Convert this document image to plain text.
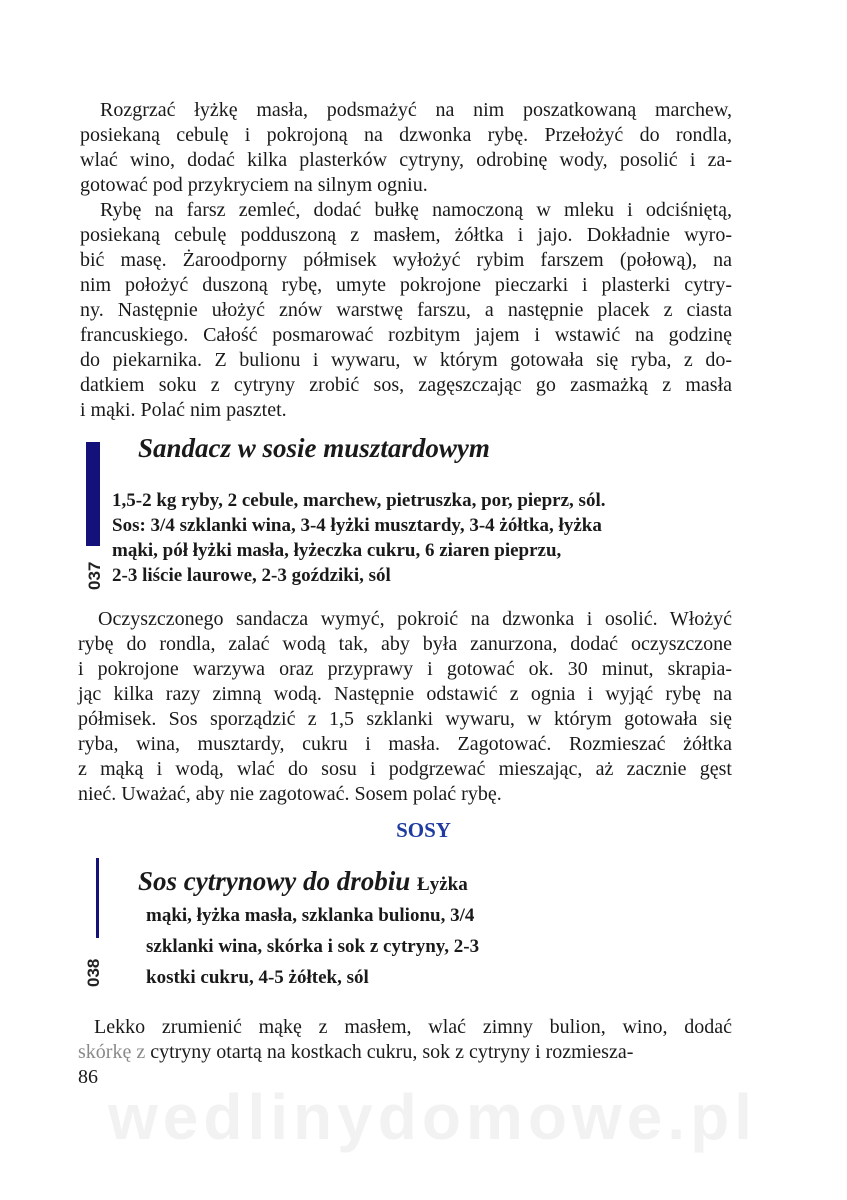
Rozgrzać łyżkę masła, podsmażyć na nim poszatkowaną marchew,
posiekaną cebulę i pokrojoną na dzwonka rybę. Przełożyć do rondla,
wlać wino, dodać kilka plasterków cytryny, odrobinę wody, posolić i za-
gotować pod przykryciem na silnym ogniu.
Rybę na farsz zemleć, dodać bułkę namoczoną w mleku i odciśniętą,
posiekaną cebulę podduszoną z masłem, żółtka i jajo. Dokładnie wyro-
bić masę. Żaroodporny półmisek wyłożyć rybim farszem (połową), na
nim położyć duszoną rybę, umyte pokrojone pieczarki i plasterki cytry-
ny. Następnie ułożyć znów warstwę farszu, a następnie placek z ciasta
francuskiego. Całość posmarować rozbitym jajem i wstawić na godzinę
do piekarnika. Z bulionu i wywaru, w którym gotowała się ryba, z do-
datkiem soku z cytryny zrobić sos, zagęszczając go zasmażką z masła
i mąki. Polać nim pasztet.
037
Sandacz w sosie musztardowym
1,5-2 kg ryby, 2 cebule, marchew, pietruszka, por, pieprz, sól.
Sos: 3/4 szklanki wina, 3-4 łyżki musztardy, 3-4 żółtka, łyżka
mąki, pół łyżki masła, łyżeczka cukru, 6 ziaren pieprzu,
2-3 liście laurowe, 2-3 goździki, sól
Oczyszczonego sandacza wymyć, pokroić na dzwonka i osolić. Włożyć
rybę do rondla, zalać wodą tak, aby była zanurzona, dodać oczyszczone
i pokrojone warzywa oraz przyprawy i gotować ok. 30 minut, skrapia-
jąc kilka razy zimną wodą. Następnie odstawić z ognia i wyjąć rybę na
półmisek. Sos sporządzić z 1,5 szklanki wywaru, w którym gotowała się
ryba, wina, musztardy, cukru i masła. Zagotować. Rozmieszać żółtka
z mąką i wodą, wlać do sosu i podgrzewać mieszając, aż zacznie gęst
nieć. Uważać, aby nie zagotować. Sosem polać rybę.
SOSY
038
Sos cytrynowy do drobiu Łyżka
mąki, łyżka masła, szklanka bulionu, 3/4
szklanki wina, skórka i sok z cytryny, 2-3
kostki cukru, 4-5 żółtek, sól
Lekko zrumienić mąkę z masłem, wlać zimny bulion, wino, dodać
skórkę z cytryny otartą na kostkach cukru, sok z cytryny i rozmiesza-
86
wedlinydomowe.pl
